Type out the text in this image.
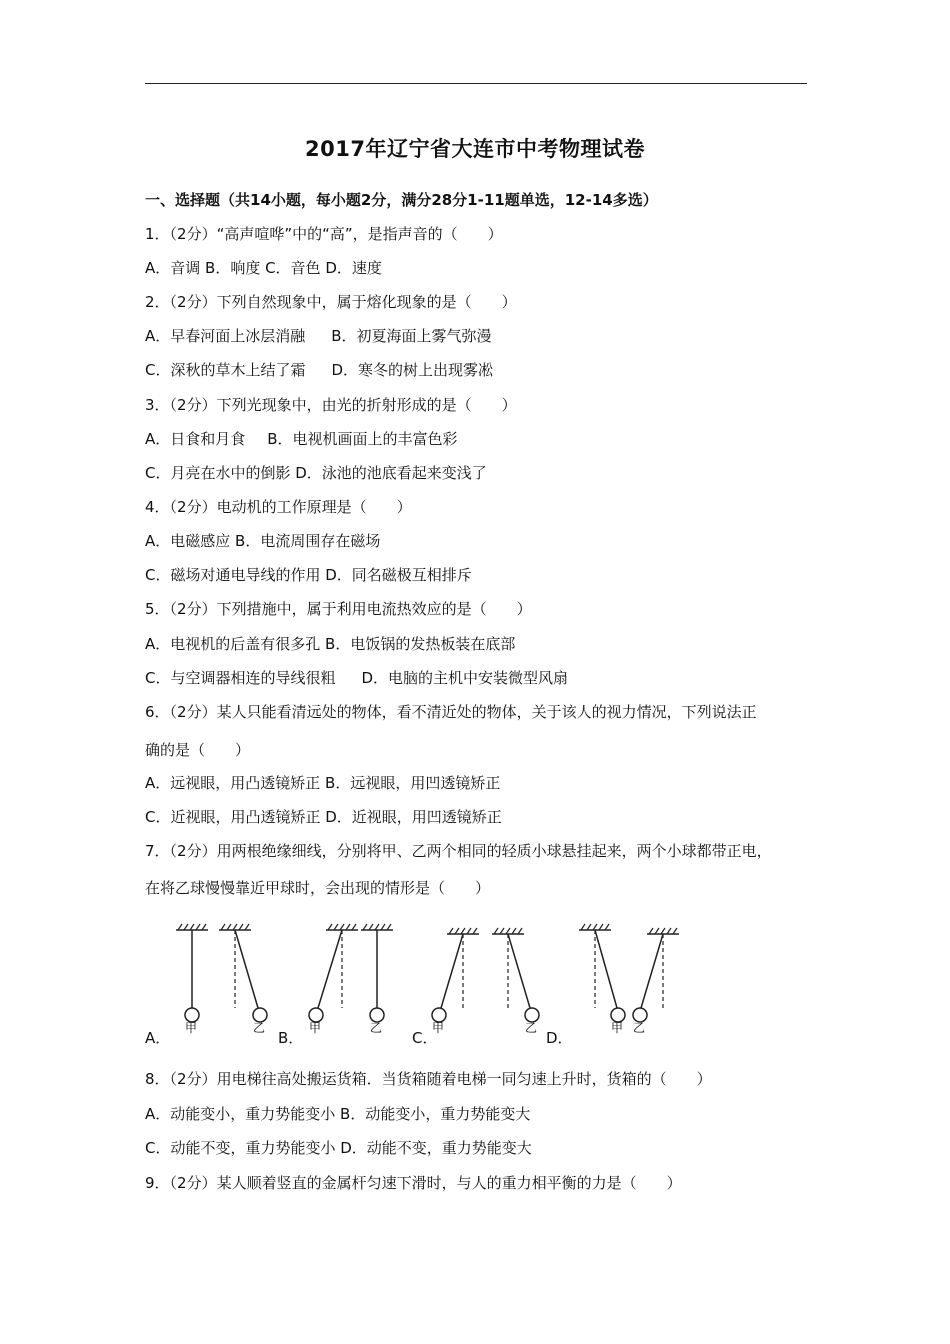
2017年辽宁省大连市中考物理试卷
一、选择题（共14小题，每小题2分，满分28分1-11题单选，12-14多选）
1．（2分）“高声喧哗”中的“高”，是指声音的（　　）
A．音调 B．响度 C．音色 D．速度
2．（2分）下列自然现象中，属于熔化现象的是（　　）
A．早春河面上冰层消融 B．初夏海面上雾气弥漫
C．深秋的草木上结了霜 D．寒冬的树上出现雾凇
3．（2分）下列光现象中，由光的折射形成的是（　　）
A．日食和月食 B．电视机画面上的丰富色彩
C．月亮在水中的倒影 D．泳池的池底看起来变浅了
4．（2分）电动机的工作原理是（　　）
A．电磁感应 B．电流周围存在磁场
C．磁场对通电导线的作用 D．同名磁极互相排斥
5．（2分）下列措施中，属于利用电流热效应的是（　　）
A．电视机的后盖有很多孔 B．电饭锅的发热板装在底部
C．与空调器相连的导线很粗 D．电脑的主机中安装微型风扇
6．（2分）某人只能看清远处的物体，看不清近处的物体，关于该人的视力情况，下列说法正
确的是（　　）
A．远视眼，用凸透镜矫正 B．远视眼，用凹透镜矫正
C．近视眼，用凸透镜矫正 D．近视眼，用凹透镜矫正
7．（2分）用两根绝缘细线，分别将甲、乙两个相同的轻质小球悬挂起来，两个小球都带正电，
在将乙球慢慢靠近甲球时，会出现的情形是（　　）
甲	乙	甲	乙	甲	乙	甲 乙
A．	B．	C．	D．
8．（2分）用电梯往高处搬运货箱．当货箱随着电梯一同匀速上升时，货箱的（　　）
A．动能变小，重力势能变小 B．动能变小，重力势能变大
C．动能不变，重力势能变小 D．动能不变，重力势能变大
9．（2分）某人顺着竖直的金属杆匀速下滑时，与人的重力相平衡的力是（　　）
